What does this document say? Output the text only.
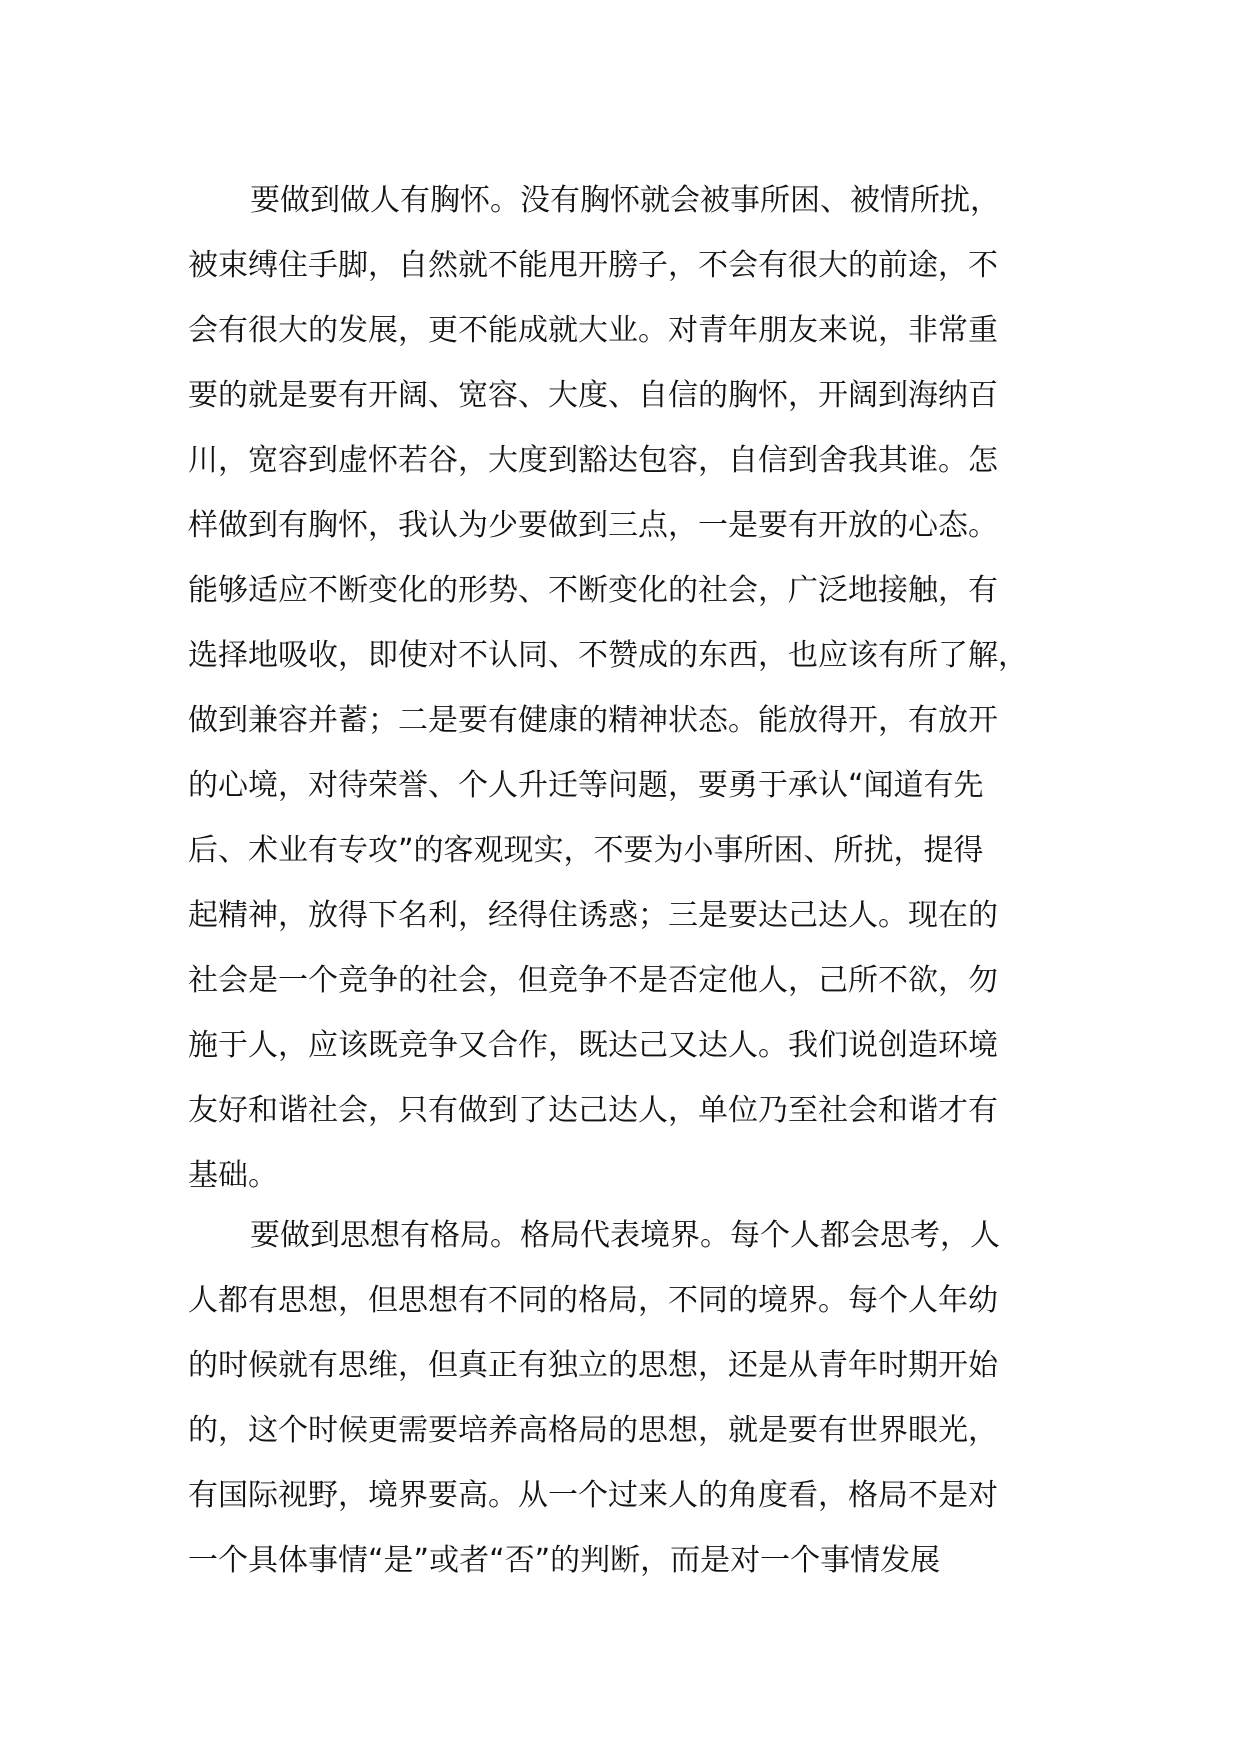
要做到做人有胸怀。没有胸怀就会被事所困、被情所扰，
被束缚住手脚，自然就不能甩开膀子，不会有很大的前途，不
会有很大的发展，更不能成就大业。对青年朋友来说，非常重
要的就是要有开阔、宽容、大度、自信的胸怀，开阔到海纳百
川，宽容到虚怀若谷，大度到豁达包容，自信到舍我其谁。怎
样做到有胸怀，我认为少要做到三点，一是要有开放的心态。
能够适应不断变化的形势、不断变化的社会，广泛地接触，有
选择地吸收，即使对不认同、不赞成的东西，也应该有所了解，
做到兼容并蓄；二是要有健康的精神状态。能放得开，有放开
的心境，对待荣誉、个人升迁等问题，要勇于承认“闻道有先
后、术业有专攻”的客观现实，不要为小事所困、所扰，提得
起精神，放得下名利，经得住诱惑；三是要达己达人。现在的
社会是一个竞争的社会，但竞争不是否定他人，己所不欲，勿
施于人，应该既竞争又合作，既达己又达人。我们说创造环境
友好和谐社会，只有做到了达己达人，单位乃至社会和谐才有
基础。
要做到思想有格局。格局代表境界。每个人都会思考，人
人都有思想，但思想有不同的格局，不同的境界。每个人年幼
的时候就有思维，但真正有独立的思想，还是从青年时期开始
的，这个时候更需要培养高格局的思想，就是要有世界眼光，
有国际视野，境界要高。从一个过来人的角度看，格局不是对
一个具体事情“是”或者“否”的判断，而是对一个事情发展
